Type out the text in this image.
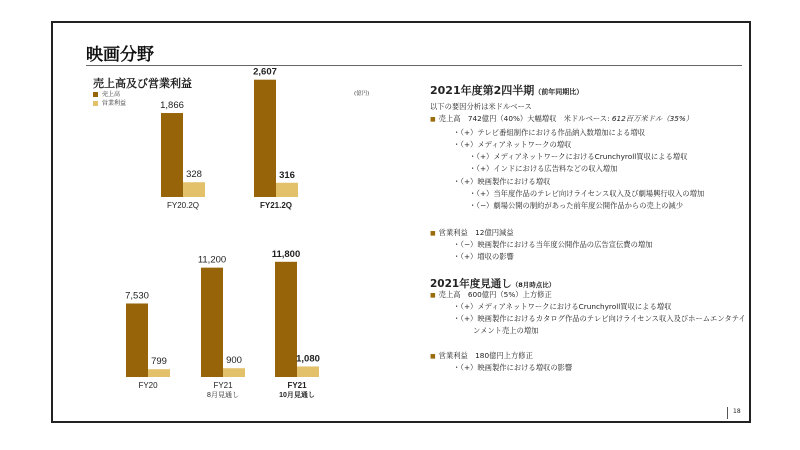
映画分野
売上高及び営業利益
売上高
営業利益
(億円)
1,866
328
FY20.2Q
2,607
316
FY21.2Q
7,530
799
FY20
11,200
900
FY21
8月見通し
11,800
1,080
FY21
10月見通し
2021年度第2四半期（前年同期比）
以下の要因分析は米ドルベース
■ 売上高　742億円（40%）大幅増収　米ドルベース: 612百万米ドル（35%）
・（+）テレビ番組制作における作品納入数増加による増収
・（+）メディアネットワークの増収
・（+）メディアネットワークにおけるCrunchyroll買収による増収
・（+）インドにおける広告料などの収入増加
・（+）映画製作における増収
・（+）当年度作品のテレビ向けライセンス収入及び劇場興行収入の増加
・（−）劇場公開の制約があった前年度公開作品からの売上の減少
■ 営業利益　12億円減益
・（−）映画製作における当年度公開作品の広告宣伝費の増加
・（+）増収の影響
2021年度見通し（8月時点比）
■ 売上高　600億円（5%）上方修正
・（+）メディアネットワークにおけるCrunchyroll買収による増収
・（+）映画製作におけるカタログ作品のテレビ向けライセンス収入及びホームエンタテイ
ンメント売上の増加
■ 営業利益　180億円上方修正
・（+）映画製作における増収の影響
18
